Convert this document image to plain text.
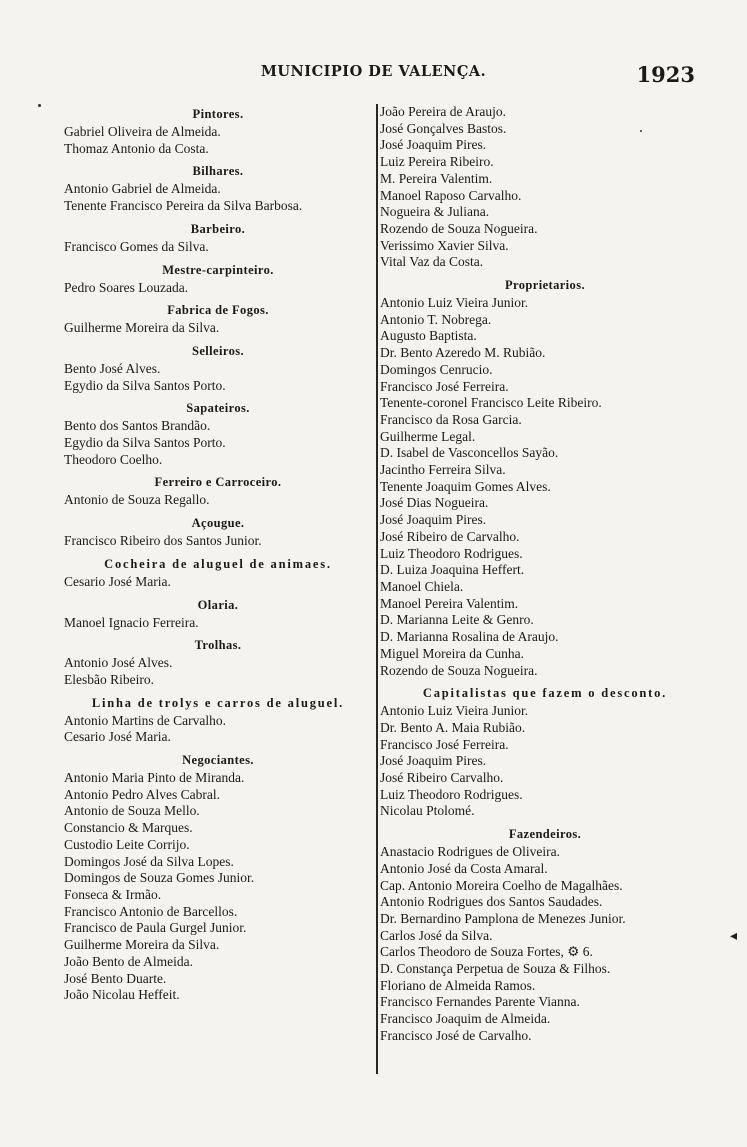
MUNICIPIO DE VALENÇA.	1923
◂
Pintores.
Gabriel Oliveira de Almeida.
Thomaz Antonio da Costa.
Bilhares.
Antonio Gabriel de Almeida.
Tenente Francisco Pereira da Silva Barbosa.
Barbeiro.
Francisco Gomes da Silva.
Mestre-carpinteiro.
Pedro Soares Louzada.
Fabrica de Fogos.
Guilherme Moreira da Silva.
Selleiros.
Bento José Alves.
Egydio da Silva Santos Porto.
Sapateiros.
Bento dos Santos Brandão.
Egydio da Silva Santos Porto.
Theodoro Coelho.
Ferreiro e Carroceiro.
Antonio de Souza Regallo.
Açougue.
Francisco Ribeiro dos Santos Junior.
Cocheira de aluguel de animaes.
Cesario José Maria.
Olaria.
Manoel Ignacio Ferreira.
Trolhas.
Antonio José Alves.
Elesbão Ribeiro.
Linha de trolys e carros de aluguel.
Antonio Martins de Carvalho.
Cesario José Maria.
Negociantes.
Antonio Maria Pinto de Miranda.
Antonio Pedro Alves Cabral.
Antonio de Souza Mello.
Constancio & Marques.
Custodio Leite Corrijo.
Domingos José da Silva Lopes.
Domingos de Souza Gomes Junior.
Fonseca & Irmão.
Francisco Antonio de Barcellos.
Francisco de Paula Gurgel Junior.
Guilherme Moreira da Silva.
João Bento de Almeida.
José Bento Duarte.
João Nicolau Heffeit.
João Pereira de Araujo.
José Gonçalves Bastos.
José Joaquim Pires.
Luiz Pereira Ribeiro.
M. Pereira Valentim.
Manoel Raposo Carvalho.
Nogueira & Juliana.
Rozendo de Souza Nogueira.
Verissimo Xavier Silva.
Vital Vaz da Costa.
Proprietarios.
Antonio Luiz Vieira Junior.
Antonio T. Nobrega.
Augusto Baptista.
Dr. Bento Azeredo M. Rubião.
Domingos Cenrucio.
Francisco José Ferreira.
Tenente-coronel Francisco Leite Ribeiro.
Francisco da Rosa Garcia.
Guilherme Legal.
D. Isabel de Vasconcellos Sayão.
Jacintho Ferreira Silva.
Tenente Joaquim Gomes Alves.
José Dias Nogueira.
José Joaquim Pires.
José Ribeiro de Carvalho.
Luiz Theodoro Rodrigues.
D. Luiza Joaquina Heffert.
Manoel Chiela.
Manoel Pereira Valentim.
D. Marianna Leite & Genro.
D. Marianna Rosalina de Araujo.
Miguel Moreira da Cunha.
Rozendo de Souza Nogueira.
Capitalistas que fazem o desconto.
Antonio Luiz Vieira Junior.
Dr. Bento A. Maia Rubião.
Francisco José Ferreira.
José Joaquim Pires.
José Ribeiro Carvalho.
Luiz Theodoro Rodrigues.
Nicolau Ptolomé.
Fazendeiros.
Anastacio Rodrigues de Oliveira.
Antonio José da Costa Amaral.
Cap. Antonio Moreira Coelho de Magalhães.
Antonio Rodrigues dos Santos Saudades.
Dr. Bernardino Pamplona de Menezes Junior.
Carlos José da Silva.
Carlos Theodoro de Souza Fortes, ⚙ 6.
D. Constança Perpetua de Souza & Filhos.
Floriano de Almeida Ramos.
Francisco Fernandes Parente Vianna.
Francisco Joaquim de Almeida.
Francisco José de Carvalho.
